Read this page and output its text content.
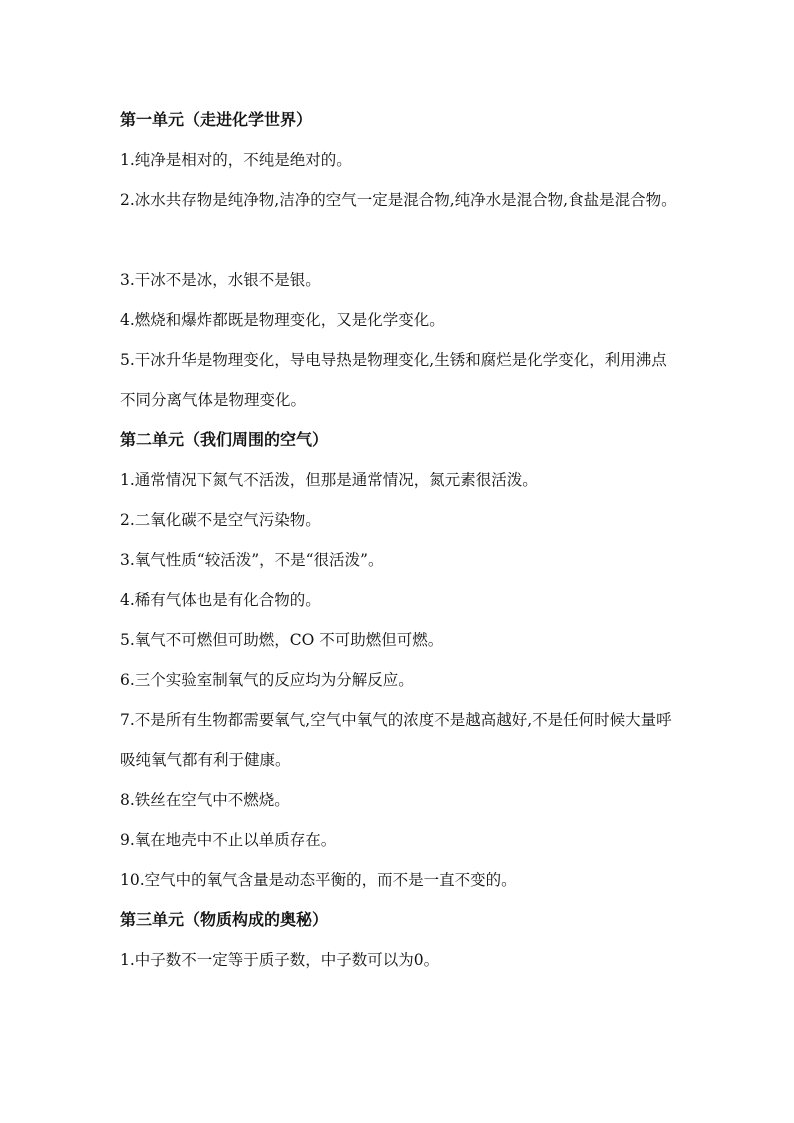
第一单元（走进化学世界）
1.纯净是相对的，不纯是绝对的。
2.冰水共存物是纯净物,洁净的空气一定是混合物,纯净水是混合物,食盐是混合物。
3.干冰不是冰，水银不是银。
4.燃烧和爆炸都既是物理变化，又是化学变化。
5.干冰升华是物理变化，导电导热是物理变化,生锈和腐烂是化学变化，利用沸点不同分离气体是物理变化。
第二单元（我们周围的空气）
1.通常情况下氮气不活泼，但那是通常情况，氮元素很活泼。
2.二氧化碳不是空气污染物。
3.氧气性质“较活泼”，不是“很活泼”。
4.稀有气体也是有化合物的。
5.氧气不可燃但可助燃，CO 不可助燃但可燃。
6.三个实验室制氧气的反应均为分解反应。
7.不是所有生物都需要氧气,空气中氧气的浓度不是越高越好,不是任何时候大量呼吸纯氧气都有利于健康。
8.铁丝在空气中不燃烧。
9.氧在地壳中不止以单质存在。
10.空气中的氧气含量是动态平衡的，而不是一直不变的。
第三单元（物质构成的奥秘）
1.中子数不一定等于质子数，中子数可以为0。
